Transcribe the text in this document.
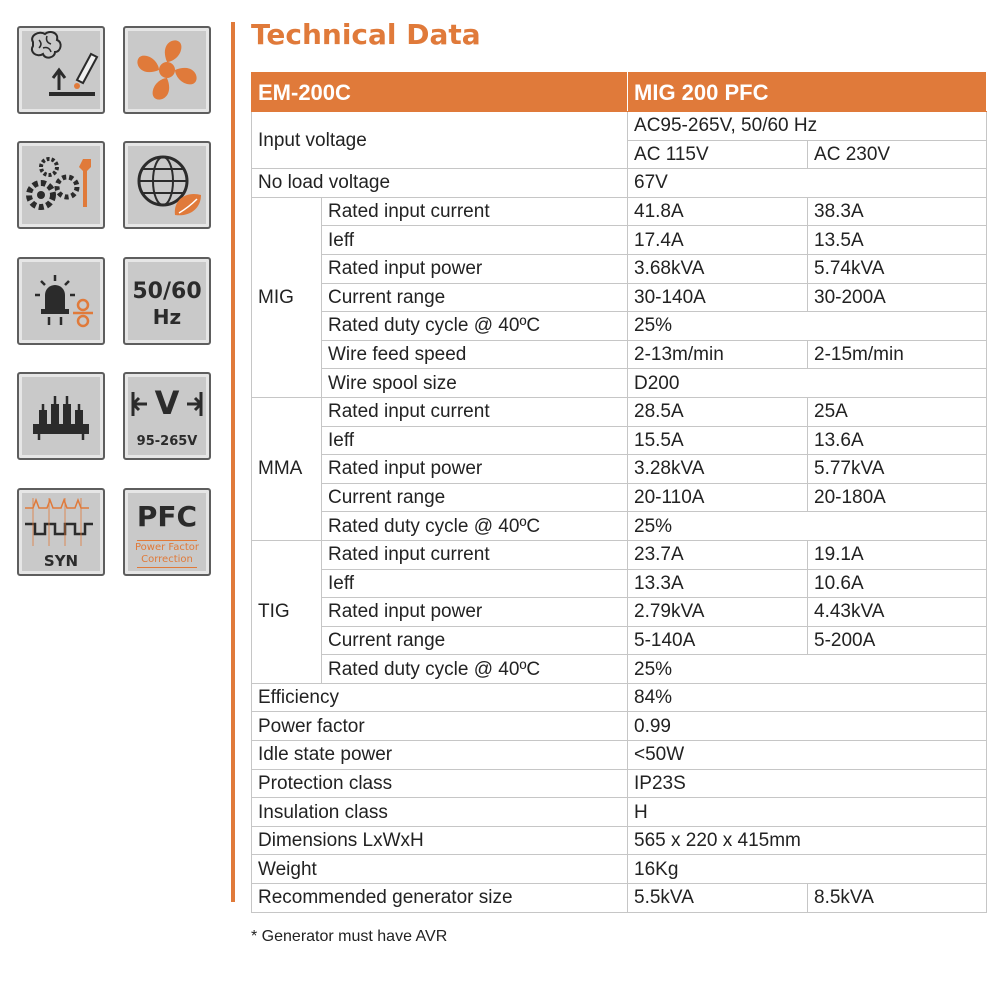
50/60
Hz
V
95-265V
SYN
PFC
Power Factor
Correction
Technical Data
EM-200C		MIG 200 PFC	
Input voltage		AC95-265V, 50/60 Hz	
		AC 115V	AC 230V
No load voltage		67V	
MIG	Rated input current	41.8A	38.3A
	Ieff	17.4A	13.5A
	Rated input power	3.68kVA	5.74kVA
	Current range	30-140A	30-200A
	Rated duty cycle @ 40ºC	25%	
	Wire feed speed	2-13m/min	2-15m/min
	Wire spool size	D200	
MMA	Rated input current	28.5A	25A
	Ieff	15.5A	13.6A
	Rated input power	3.28kVA	5.77kVA
	Current range	20-110A	20-180A
	Rated duty cycle @ 40ºC	25%	
TIG	Rated input current	23.7A	19.1A
	Ieff	13.3A	10.6A
	Rated input power	2.79kVA	4.43kVA
	Current range	5-140A	5-200A
	Rated duty cycle @ 40ºC	25%	
Efficiency		84%	
Power factor		0.99	
Idle state power		<50W	
Protection class		IP23S	
Insulation class		H	
Dimensions LxWxH		565 x 220 x 415mm	
Weight		16Kg	
Recommended generator size		5.5kVA	8.5kVA
* Generator must have AVR
